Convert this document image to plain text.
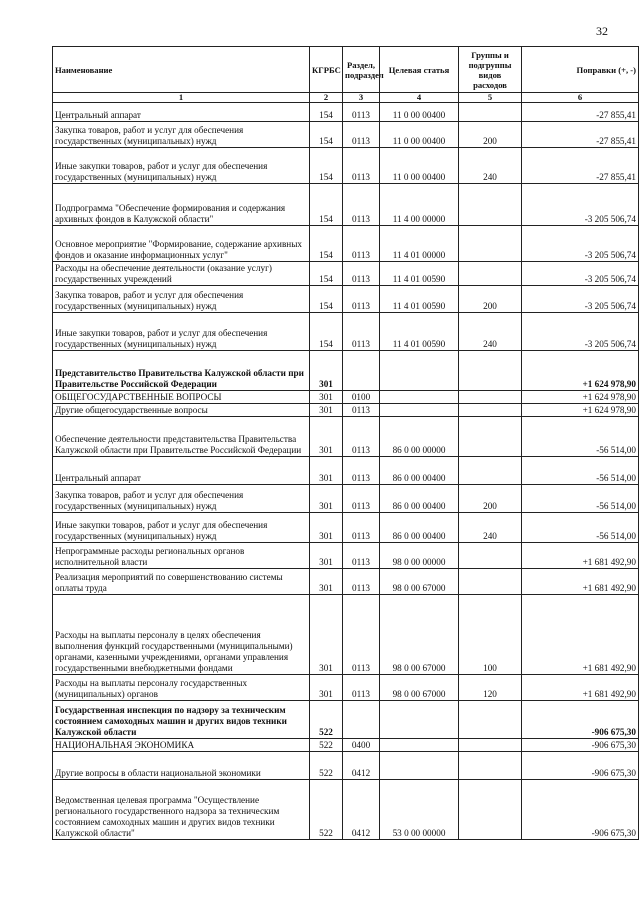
32
Наименование	КГРБС	Раздел, подраздел	Целевая статья	Группы и подгруппы видов расходов	Поправки (+, -)
1	2	3	4	5	6
Центральный аппарат	154	0113	11 0 00 00400		-27 855,41
Закупка товаров, работ и услуг для обеспечения государственных (муниципальных) нужд	154	0113	11 0 00 00400	200	-27 855,41
Иные закупки товаров, работ и услуг для обеспечения государственных (муниципальных) нужд	154	0113	11 0 00 00400	240	-27 855,41
Подпрограмма "Обеспечение формирования и содержания архивных фондов в Калужской области"	154	0113	11 4 00 00000		-3 205 506,74
Основное мероприятие "Формирование, содержание архивных фондов и оказание информационных услуг"	154	0113	11 4 01 00000		-3 205 506,74
Расходы на обеспечение деятельности (оказание услуг) государственных учреждений	154	0113	11 4 01 00590		-3 205 506,74
Закупка товаров, работ и услуг для обеспечения государственных (муниципальных) нужд	154	0113	11 4 01 00590	200	-3 205 506,74
Иные закупки товаров, работ и услуг для обеспечения государственных (муниципальных) нужд	154	0113	11 4 01 00590	240	-3 205 506,74
Представительство Правительства Калужской области при Правительстве Российской Федерации	301				+1 624 978,90
ОБЩЕГОСУДАРСТВЕННЫЕ ВОПРОСЫ	301	0100			+1 624 978,90
Другие общегосударственные вопросы	301	0113			+1 624 978,90
Обеспечение деятельности представительства Правительства Калужской области при Правительстве Российской Федерации	301	0113	86 0 00 00000		-56 514,00
Центральный аппарат	301	0113	86 0 00 00400		-56 514,00
Закупка товаров, работ и услуг для обеспечения государственных (муниципальных) нужд	301	0113	86 0 00 00400	200	-56 514,00
Иные закупки товаров, работ и услуг для обеспечения государственных (муниципальных) нужд	301	0113	86 0 00 00400	240	-56 514,00
Непрограммные расходы региональных органов исполнительной власти	301	0113	98 0 00 00000		+1 681 492,90
Реализация мероприятий по совершенствованию системы оплаты труда	301	0113	98 0 00 67000		+1 681 492,90
Расходы на выплаты персоналу в целях обеспечения выполнения функций государственными (муниципальными) органами, казенными учреждениями, органами управления государственными внебюджетными фондами	301	0113	98 0 00 67000	100	+1 681 492,90
Расходы на выплаты персоналу государственных (муниципальных) органов	301	0113	98 0 00 67000	120	+1 681 492,90
Государственная инспекция по надзору за техническим состоянием самоходных машин и других видов техники Калужской области	522				-906 675,30
НАЦИОНАЛЬНАЯ ЭКОНОМИКА	522	0400			-906 675,30
Другие вопросы в области национальной экономики	522	0412			-906 675,30
Ведомственная целевая программа "Осуществление регионального государственного надзора за техническим состоянием самоходных машин и других видов техники Калужской области"	522	0412	53 0 00 00000		-906 675,30
